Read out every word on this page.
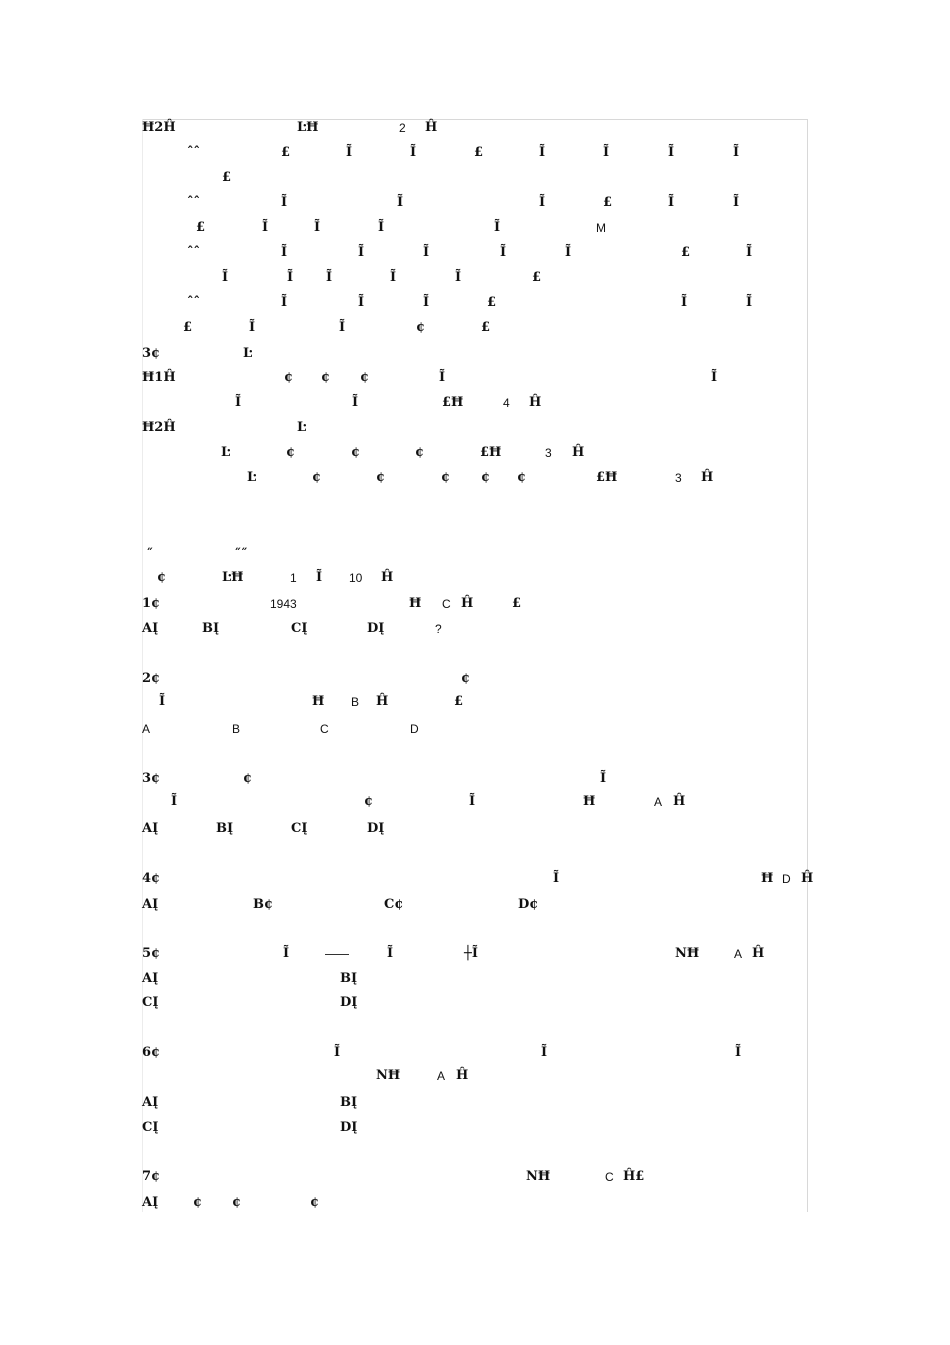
Ħ2Ĥ	ĿĦ	2 Ĥ
ˆˆ	£	Ĩ	Ĩ	£	Ĩ	Ĩ	Ĩ	Ĩ
£
ˆˆ	Ĩ	Ĩ	Ĩ	£	Ĩ	Ĩ
£	Ĩ	Ĩ	Ĩ	Ĩ	M
ˆˆ	Ĩ	Ĩ	Ĩ	Ĩ	Ĩ	£	Ĩ
Ĩ	Ĩ	Ĩ	Ĩ	Ĩ	£
ˆˆ	Ĩ	Ĩ	Ĩ	£	Ĩ	Ĩ
£	Ĩ	Ĩ	¢	£
3¢	Ŀ
Ħ1Ĥ	¢ ¢ ¢	Ĩ	Ĩ
Ĩ	Ĩ	£Ħ	4 Ĥ
Ħ2Ĥ	Ŀ
Ŀ	¢	¢	¢	£Ħ	3 Ĥ
Ŀ	¢	¢	¢ ¢ ¢	£Ħ	3 Ĥ
˝	˝˝
¢	ĿĦ	1 Ĩ 10 Ĥ
1¢	1943	Ħ C Ĥ	£
AĮ	BĮ	CĮ	DĮ	?
2¢	¢
Ĩ	Ħ B Ĥ	£
A	B	C	D
3¢	¢	Ĩ
Ĩ	¢	Ĩ	Ħ	A Ĥ
AĮ	BĮ	CĮ	DĮ
4¢	Ĩ	Ħ D Ĥ
AĮ	B¢	C¢	D¢
5¢	Ĩ	Ĩ	┼Ĩ	NĦ	A Ĥ
AĮ	BĮ
CĮ	DĮ
6¢	Ĩ	Ĩ	Ĩ
NĦ	A Ĥ
AĮ	BĮ
CĮ	DĮ
7¢	NĦ	C Ĥ£
AĮ	¢ ¢	¢
